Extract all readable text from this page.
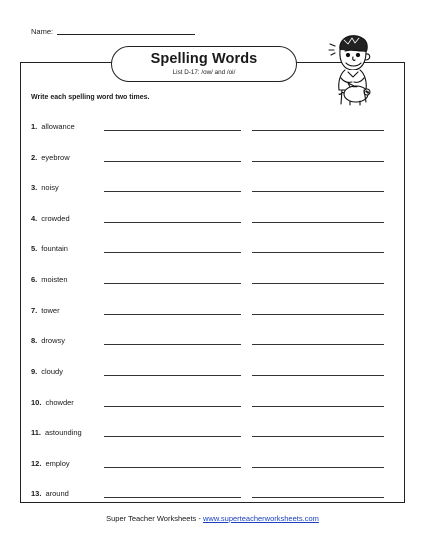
Name:
Spelling Words
List D-17: /ow/ and /oi/
Write each spelling word two times.
1. allowance
2. eyebrow
3. noisy
4. crowded
5. fountain
6. moisten
7. tower
8. drowsy
9. cloudy
10. chowder
11. astounding
12. employ
13. around
Super Teacher Worksheets - www.superteacherworksheets.com
